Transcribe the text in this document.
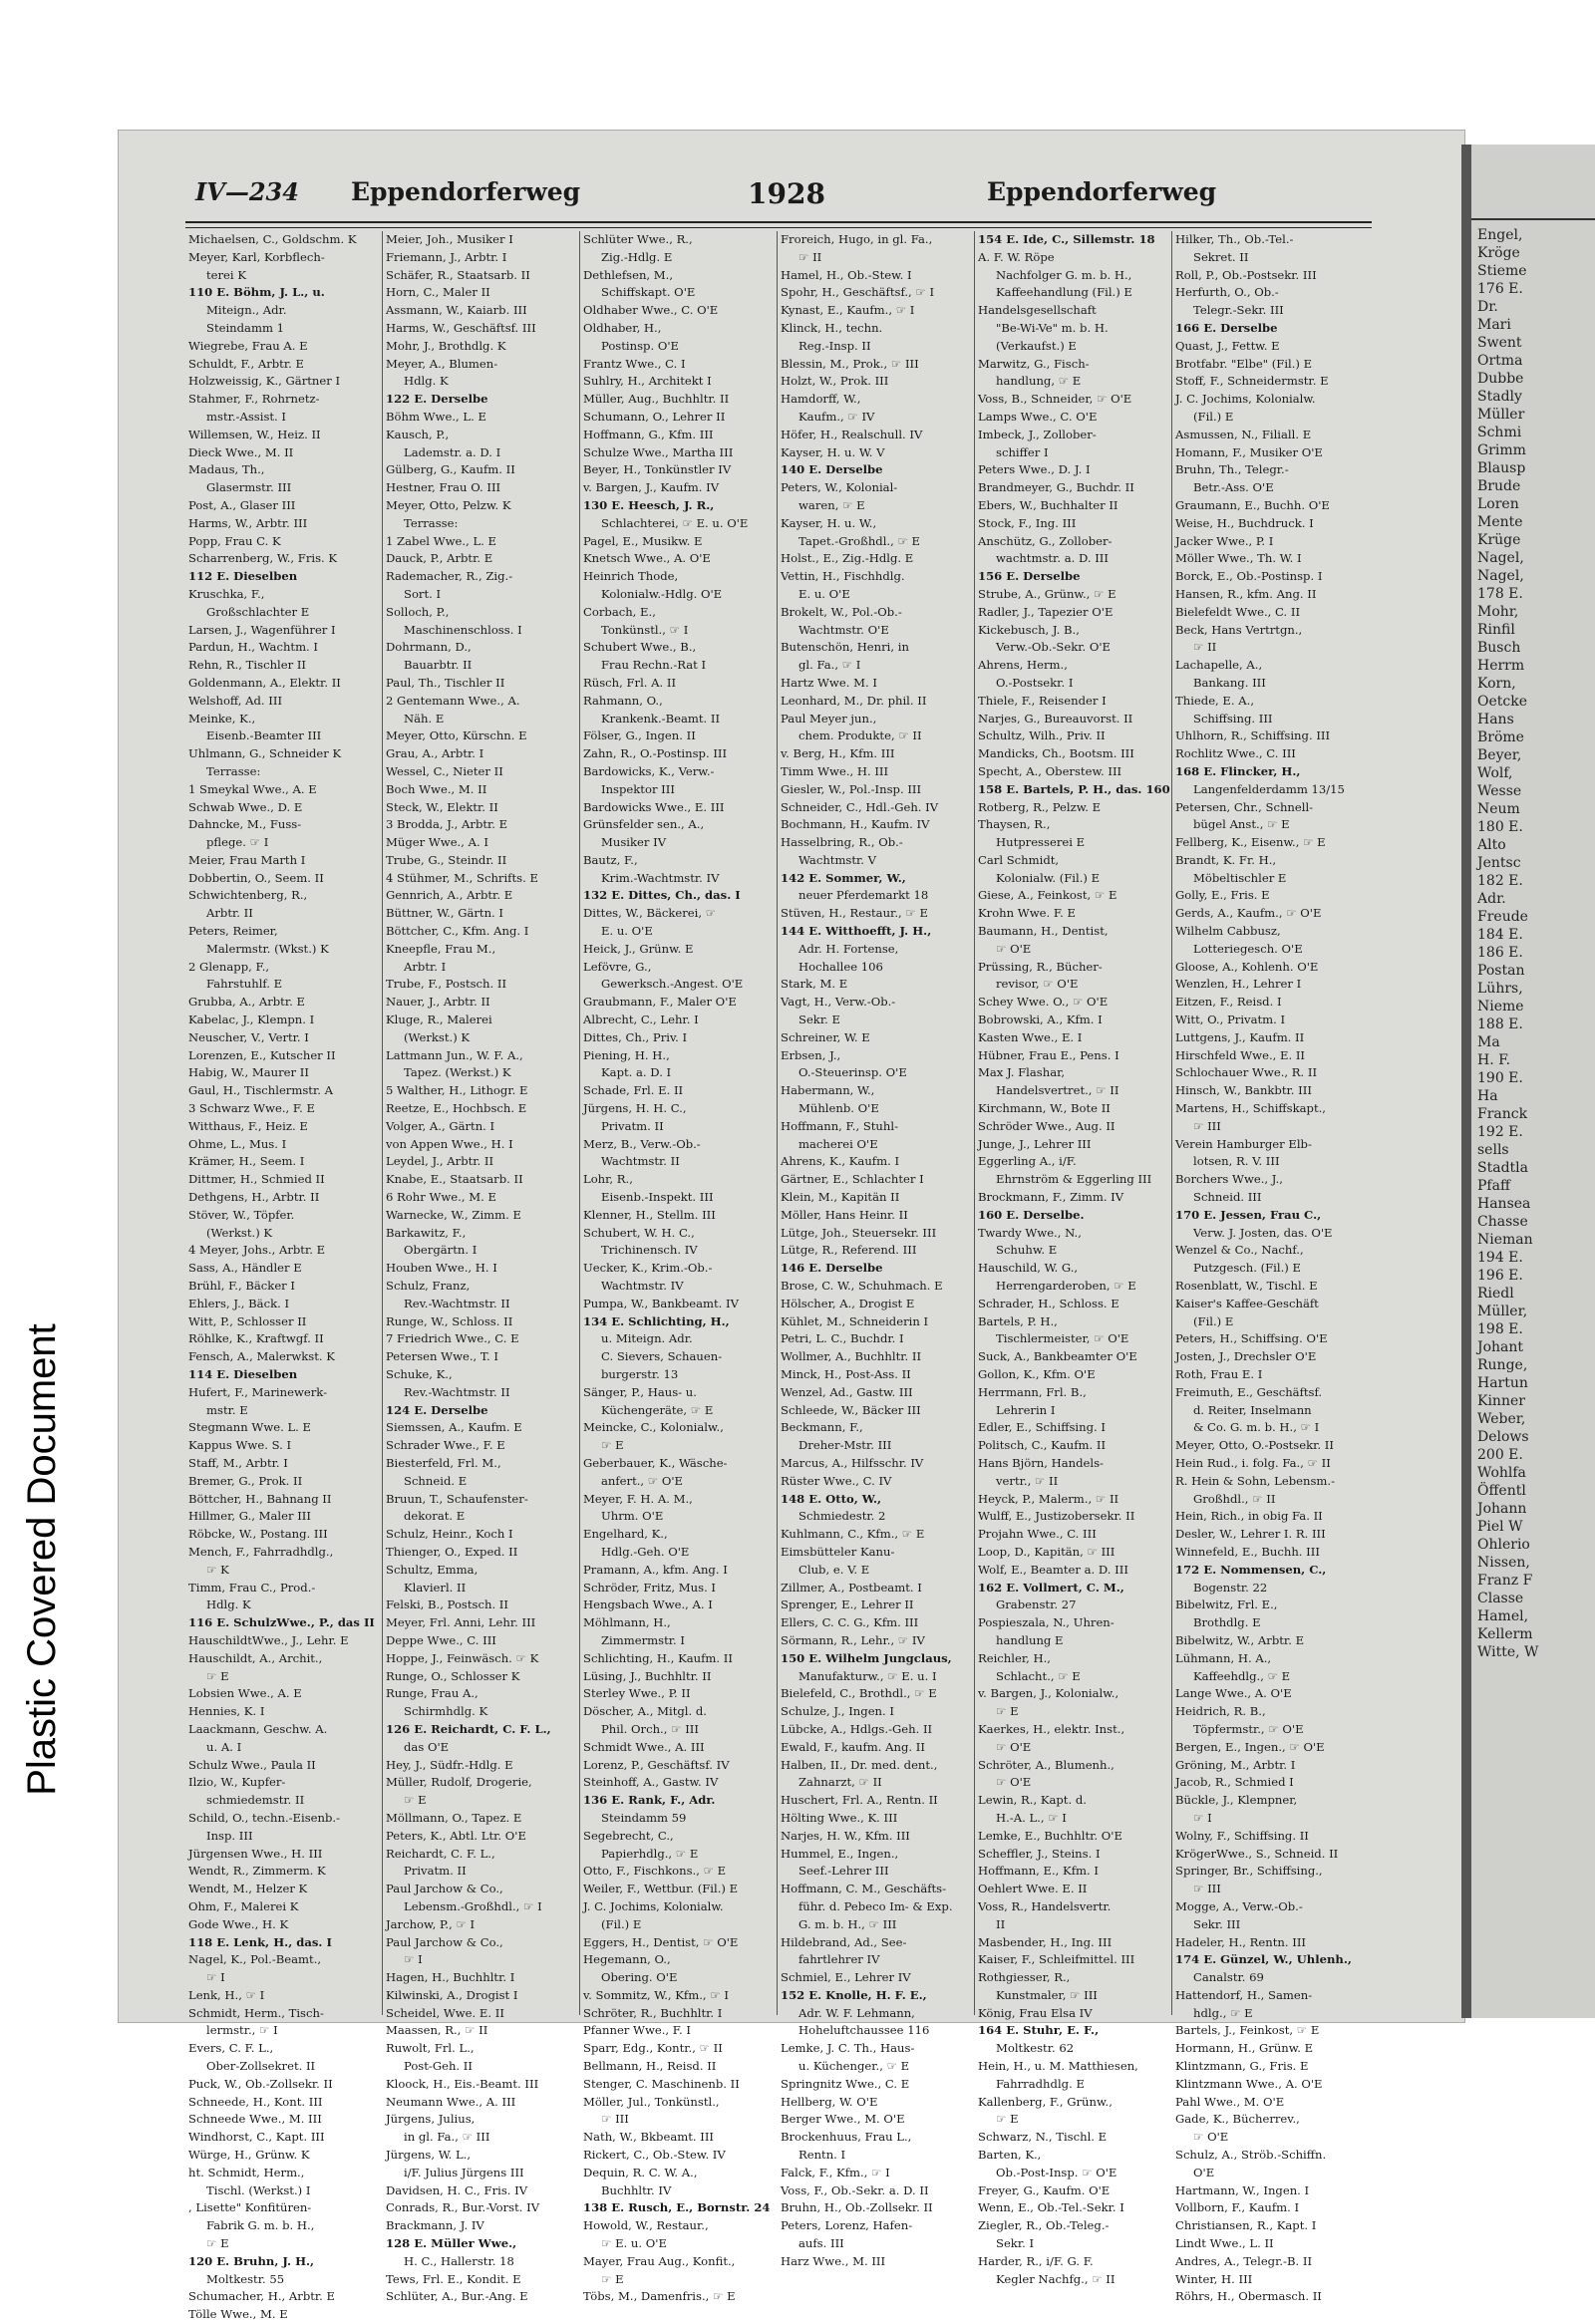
Plastic Covered Document

Engel,
Kröge
Stieme
176 E.
Dr.
Mari
Swent
Ortma
Dubbe
Stadly
Müller
Schmi
Grimm
Blausp
Brude
Loren
Mente
Krüge
Nagel,
Nagel,
178 E.
Mohr,
Rinfil
Busch
Herrm
Korn,
Oetcke
Hans
Bröme
Beyer,
Wolf,
Wesse
Neum
180 E.
Alto
Jentsc
182 E.
Adr.
Freude
184 E.
186 E.
Postan
Lührs,
Nieme
188 E.
Ma
H. F.
190 E.
Ha
Franck
192 E.
sells
Stadtla
Pfaff
Hansea
Chasse
Nieman
194 E.
196 E.
Riedl
Müller,
198 E.
Johant
Runge,
Hartun
Kinner
Weber,
Delows
200 E.
Wohlfa
Öffentl
Johann
Piel W
Ohlerio
Nissen,
Franz F
Classe
Hamel,
Kellerm
Witte, W
IV—234 Eppendorferweg	1928	Eppendorferweg
Michaelsen, C., Goldschm. K
Meyer, Karl, Korbflech-
terei K
110 E. Böhm, J. L., u.
Miteign., Adr.
Steindamm 1
Wiegrebe, Frau A. E
Schuldt, F., Arbtr. E
Holzweissig, K., Gärtner I
Stahmer, F., Rohrnetz-
mstr.-Assist. I
Willemsen, W., Heiz. II
Dieck Wwe., M. II
Madaus, Th.,
Glasermstr. III
Post, A., Glaser III
Harms, W., Arbtr. III
Popp, Frau C. K
Scharrenberg, W., Fris. K
112 E. Dieselben
Kruschka, F.,
Großschlachter E
Larsen, J., Wagenführer I
Pardun, H., Wachtm. I
Rehn, R., Tischler II
Goldenmann, A., Elektr. II
Welshoff, Ad. III
Meinke, K.,
Eisenb.-Beamter III
Uhlmann, G., Schneider K
Terrasse:
1 Smeykal Wwe., A. E
Schwab Wwe., D. E
Dahncke, M., Fuss-
pflege. ☞ I
Meier, Frau Marth I
Dobbertin, O., Seem. II
Schwichtenberg, R.,
Arbtr. II
Peters, Reimer,
Malermstr. (Wkst.) K
2 Glenapp, F.,
Fahrstuhlf. E
Grubba, A., Arbtr. E
Kabelac, J., Klempn. I
Neuscher, V., Vertr. I
Lorenzen, E., Kutscher II
Habig, W., Maurer II
Gaul, H., Tischlermstr. A
3 Schwarz Wwe., F. E
Witthaus, F., Heiz. E
Ohme, L., Mus. I
Krämer, H., Seem. I
Dittmer, H., Schmied II
Dethgens, H., Arbtr. II
Stöver, W., Töpfer.
(Werkst.) K
4 Meyer, Johs., Arbtr. E
Sass, A., Händler E
Brühl, F., Bäcker I
Ehlers, J., Bäck. I
Witt, P., Schlosser II
Röhlke, K., Kraftwgf. II
Fensch, A., Malerwkst. K
114 E. Dieselben
Hufert, F., Marinewerk-
mstr. E
Stegmann Wwe. L. E
Kappus Wwe. S. I
Staff, M., Arbtr. I
Bremer, G., Prok. II
Böttcher, H., Bahnang II
Hillmer, G., Maler III
Röbcke, W., Postang. III
Mench, F., Fahrradhdlg.,
☞ K
Timm, Frau C., Prod.-
Hdlg. K
116 E. SchulzWwe., P., das II
HauschildtWwe., J., Lehr. E
Hauschildt, A., Archit.,
☞ E
Lobsien Wwe., A. E
Hennies, K. I
Laackmann, Geschw. A.
u. A. I
Schulz Wwe., Paula II
Ilzio, W., Kupfer-
schmiedemstr. II
Schild, O., techn.-Eisenb.-
Insp. III
Jürgensen Wwe., H. III
Wendt, R., Zimmerm. K
Wendt, M., Helzer K
Ohm, F., Malerei K
Gode Wwe., H. K
118 E. Lenk, H., das. I
Nagel, K., Pol.-Beamt.,
☞ I
Lenk, H., ☞ I
Schmidt, Herm., Tisch-
lermstr., ☞ I
Evers, C. F. L.,
Ober-Zollsekret. II
Puck, W., Ob.-Zollsekr. II
Schneede, H., Kont. III
Schneede Wwe., M. III
Windhorst, C., Kapt. III
Würge, H., Grünw. K
ht. Schmidt, Herm.,
Tischl. (Werkst.) I
, Lisette" Konfitüren-
Fabrik G. m. b. H.,
☞ E
120 E. Bruhn, J. H.,
Moltkestr. 55
Schumacher, H., Arbtr. E
Tölle Wwe., M. E
Meier, Joh., Musiker I
Friemann, J., Arbtr. I
Schäfer, R., Staatsarb. II
Horn, C., Maler II
Assmann, W., Kaiarb. III
Harms, W., Geschäftsf. III
Mohr, J., Brothdlg. K
Meyer, A., Blumen-
Hdlg. K
122 E. Derselbe
Böhm Wwe., L. E
Kausch, P.,
Lademstr. a. D. I
Gülberg, G., Kaufm. II
Hestner, Frau O. III
Meyer, Otto, Pelzw. K
Terrasse:
1 Zabel Wwe., L. E
Dauck, P., Arbtr. E
Rademacher, R., Zig.-
Sort. I
Solloch, P.,
Maschinenschloss. I
Dohrmann, D.,
Bauarbtr. II
Paul, Th., Tischler II
2 Gentemann Wwe., A.
Näh. E
Meyer, Otto, Kürschn. E
Grau, A., Arbtr. I
Wessel, C., Nieter II
Boch Wwe., M. II
Steck, W., Elektr. II
3 Brodda, J., Arbtr. E
Müger Wwe., A. I
Trube, G., Steindr. II
4 Stühmer, M., Schrifts. E
Gennrich, A., Arbtr. E
Büttner, W., Gärtn. I
Böttcher, C., Kfm. Ang. I
Kneepfle, Frau M.,
Arbtr. I
Trube, F., Postsch. II
Nauer, J., Arbtr. II
Kluge, R., Malerei
(Werkst.) K
Lattmann Jun., W. F. A.,
Tapez. (Werkst.) K
5 Walther, H., Lithogr. E
Reetze, E., Hochbsch. E
Volger, A., Gärtn. I
von Appen Wwe., H. I
Leydel, J., Arbtr. II
Knabe, E., Staatsarb. II
6 Rohr Wwe., M. E
Warnecke, W., Zimm. E
Barkawitz, F.,
Obergärtn. I
Houben Wwe., H. I
Schulz, Franz,
Rev.-Wachtmstr. II
Runge, W., Schloss. II
7 Friedrich Wwe., C. E
Petersen Wwe., T. I
Schuke, K.,
Rev.-Wachtmstr. II
124 E. Derselbe
Siemssen, A., Kaufm. E
Schrader Wwe., F. E
Biesterfeld, Frl. M.,
Schneid. E
Bruun, T., Schaufenster-
dekorat. E
Schulz, Heinr., Koch I
Thienger, O., Exped. II
Schultz, Emma,
Klavierl. II
Felski, B., Postsch. II
Meyer, Frl. Anni, Lehr. III
Deppe Wwe., C. III
Hoppe, J., Feinwäsch. ☞ K
Runge, O., Schlosser K
Runge, Frau A.,
Schirmhdlg. K
126 E. Reichardt, C. F. L.,
das O'E
Hey, J., Südfr.-Hdlg. E
Müller, Rudolf, Drogerie,
☞ E
Möllmann, O., Tapez. E
Peters, K., Abtl. Ltr. O'E
Reichardt, C. F. L.,
Privatm. II
Paul Jarchow & Co.,
Lebensm.-Großhdl., ☞ I
Jarchow, P., ☞ I
Paul Jarchow & Co.,
☞ I
Hagen, H., Buchhltr. I
Kilwinski, A., Drogist I
Scheidel, Wwe. E. II
Maassen, R., ☞ II
Ruwolt, Frl. L.,
Post-Geh. II
Kloock, H., Eis.-Beamt. III
Neumann Wwe., A. III
Jürgens, Julius,
in gl. Fa., ☞ III
Jürgens, W. L.,
i/F. Julius Jürgens III
Davidsen, H. C., Fris. IV
Conrads, R., Bur.-Vorst. IV
Brackmann, J. IV
128 E. Müller Wwe.,
H. C., Hallerstr. 18
Tews, Frl. E., Kondit. E
Schlüter, A., Bur.-Ang. E
Schlüter Wwe., R.,
Zig.-Hdlg. E
Dethlefsen, M.,
Schiffskapt. O'E
Oldhaber Wwe., C. O'E
Oldhaber, H.,
Postinsp. O'E
Frantz Wwe., C. I
Suhlry, H., Architekt I
Müller, Aug., Buchhltr. II
Schumann, O., Lehrer II
Hoffmann, G., Kfm. III
Schulze Wwe., Martha III
Beyer, H., Tonkünstler IV
v. Bargen, J., Kaufm. IV
130 E. Heesch, J. R.,
Schlachterei, ☞ E. u. O'E
Pagel, E., Musikw. E
Knetsch Wwe., A. O'E
Heinrich Thode,
Kolonialw.-Hdlg. O'E
Corbach, E.,
Tonkünstl., ☞ I
Schubert Wwe., B.,
Frau Rechn.-Rat I
Rüsch, Frl. A. II
Rahmann, O.,
Krankenk.-Beamt. II
Fölser, G., Ingen. II
Zahn, R., O.-Postinsp. III
Bardowicks, K., Verw.-
Inspektor III
Bardowicks Wwe., E. III
Grünsfelder sen., A.,
Musiker IV
Bautz, F.,
Krim.-Wachtmstr. IV
132 E. Dittes, Ch., das. I
Dittes, W., Bäckerei, ☞
E. u. O'E
Heick, J., Grünw. E
Lefövre, G.,
Gewerksch.-Angest. O'E
Graubmann, F., Maler O'E
Albrecht, C., Lehr. I
Dittes, Ch., Priv. I
Piening, H. H.,
Kapt. a. D. I
Schade, Frl. E. II
Jürgens, H. H. C.,
Privatm. II
Merz, B., Verw.-Ob.-
Wachtmstr. II
Lohr, R.,
Eisenb.-Inspekt. III
Klenner, H., Stellm. III
Schubert, W. H. C.,
Trichinensch. IV
Uecker, K., Krim.-Ob.-
Wachtmstr. IV
Pumpa, W., Bankbeamt. IV
134 E. Schlichting, H.,
u. Miteign. Adr.
C. Sievers, Schauen-
burgerstr. 13
Sänger, P., Haus- u.
Küchengeräte, ☞ E
Meincke, C., Kolonialw.,
☞ E
Geberbauer, K., Wäsche-
anfert., ☞ O'E
Meyer, F. H. A. M.,
Uhrm. O'E
Engelhard, K.,
Hdlg.-Geh. O'E
Pramann, A., kfm. Ang. I
Schröder, Fritz, Mus. I
Hengsbach Wwe., A. I
Möhlmann, H.,
Zimmermstr. I
Schlichting, H., Kaufm. II
Lüsing, J., Buchhltr. II
Sterley Wwe., P. II
Döscher, A., Mitgl. d.
Phil. Orch., ☞ III
Schmidt Wwe., A. III
Lorenz, P., Geschäftsf. IV
Steinhoff, A., Gastw. IV
136 E. Rank, F., Adr.
Steindamm 59
Segebrecht, C.,
Papierhdlg., ☞ E
Otto, F., Fischkons., ☞ E
Weiler, F., Wettbur. (Fil.) E
J. C. Jochims, Kolonialw.
(Fil.) E
Eggers, H., Dentist, ☞ O'E
Hegemann, O.,
Obering. O'E
v. Sommitz, W., Kfm., ☞ I
Schröter, R., Buchhltr. I
Pfanner Wwe., F. I
Sparr, Edg., Kontr., ☞ II
Bellmann, H., Reisd. II
Stenger, C. Maschinenb. II
Möller, Jul., Tonkünstl.,
☞ III
Nath, W., Bkbeamt. III
Rickert, C., Ob.-Stew. IV
Dequin, R. C. W. A.,
Buchhltr. IV
138 E. Rusch, E., Bornstr. 24
Howold, W., Restaur.,
☞ E. u. O'E
Mayer, Frau Aug., Konfit.,
☞ E
Töbs, M., Damenfris., ☞ E
Froreich, Hugo, in gl. Fa.,
☞ II
Hamel, H., Ob.-Stew. I
Spohr, H., Geschäftsf., ☞ I
Kynast, E., Kaufm., ☞ I
Klinck, H., techn.
Reg.-Insp. II
Blessin, M., Prok., ☞ III
Holzt, W., Prok. III
Hamdorff, W.,
Kaufm., ☞ IV
Höfer, H., Realschull. IV
Kayser, H. u. W. V
140 E. Derselbe
Peters, W., Kolonial-
waren, ☞ E
Kayser, H. u. W.,
Tapet.-Großhdl., ☞ E
Holst., E., Zig.-Hdlg. E
Vettin, H., Fischhdlg.
E. u. O'E
Brokelt, W., Pol.-Ob.-
Wachtmstr. O'E
Butenschön, Henri, in
gl. Fa., ☞ I
Hartz Wwe. M. I
Leonhard, M., Dr. phil. II
Paul Meyer jun.,
chem. Produkte, ☞ II
v. Berg, H., Kfm. III
Timm Wwe., H. III
Giesler, W., Pol.-Insp. III
Schneider, C., Hdl.-Geh. IV
Bochmann, H., Kaufm. IV
Hasselbring, R., Ob.-
Wachtmstr. V
142 E. Sommer, W.,
neuer Pferdemarkt 18
Stüven, H., Restaur., ☞ E
144 E. Witthoefft, J. H.,
Adr. H. Fortense,
Hochallee 106
Stark, M. E
Vagt, H., Verw.-Ob.-
Sekr. E
Schreiner, W. E
Erbsen, J.,
O.-Steuerinsp. O'E
Habermann, W.,
Mühlenb. O'E
Hoffmann, F., Stuhl-
macherei O'E
Ahrens, K., Kaufm. I
Gärtner, E., Schlachter I
Klein, M., Kapitän II
Möller, Hans Heinr. II
Lütge, Joh., Steuersekr. III
Lütge, R., Referend. III
146 E. Derselbe
Brose, C. W., Schuhmach. E
Hölscher, A., Drogist E
Kühlet, M., Schneiderin I
Petri, L. C., Buchdr. I
Wollmer, A., Buchhltr. II
Minck, H., Post-Ass. II
Wenzel, Ad., Gastw. III
Schleede, W., Bäcker III
Beckmann, F.,
Dreher-Mstr. III
Marcus, A., Hilfsschr. IV
Rüster Wwe., C. IV
148 E. Otto, W.,
Schmiedestr. 2
Kuhlmann, C., Kfm., ☞ E
Eimsbütteler Kanu-
Club, e. V. E
Zillmer, A., Postbeamt. I
Sprenger, E., Lehrer II
Ellers, C. C. G., Kfm. III
Sörmann, R., Lehr., ☞ IV
150 E. Wilhelm Jungclaus,
Manufakturw., ☞ E. u. I
Bielefeld, C., Brothdl., ☞ E
Schulze, J., Ingen. I
Lübcke, A., Hdlgs.-Geh. II
Ewald, F., kaufm. Ang. II
Halben, II., Dr. med. dent.,
Zahnarzt, ☞ II
Huschert, Frl. A., Rentn. II
Hölting Wwe., K. III
Narjes, H. W., Kfm. III
Hummel, E., Ingen.,
Seef.-Lehrer III
Hoffmann, C. M., Geschäfts-
führ. d. Pebeco Im- & Exp.
G. m. b. H., ☞ III
Hildebrand, Ad., See-
fahrtlehrer IV
Schmiel, E., Lehrer IV
152 E. Knolle, H. F. E.,
Adr. W. F. Lehmann,
Hoheluftchaussee 116
Lemke, J. C. Th., Haus-
u. Küchenger., ☞ E
Springnitz Wwe., C. E
Hellberg, W. O'E
Berger Wwe., M. O'E
Brockenhuus, Frau L.,
Rentn. I
Falck, F., Kfm., ☞ I
Voss, F., Ob.-Sekr. a. D. II
Bruhn, H., Ob.-Zollsekr. II
Peters, Lorenz, Hafen-
aufs. III
Harz Wwe., M. III
154 E. Ide, C., Sillemstr. 18
A. F. W. Röpe
Nachfolger G. m. b. H.,
Kaffeehandlung (Fil.) E
Handelsgesellschaft
"Be-Wi-Ve" m. b. H.
(Verkaufst.) E
Marwitz, G., Fisch-
handlung, ☞ E
Voss, B., Schneider, ☞ O'E
Lamps Wwe., C. O'E
Imbeck, J., Zollober-
schiffer I
Peters Wwe., D. J. I
Brandmeyer, G., Buchdr. II
Ebers, W., Buchhalter II
Stock, F., Ing. III
Anschütz, G., Zollober-
wachtmstr. a. D. III
156 E. Derselbe
Strube, A., Grünw., ☞ E
Radler, J., Tapezier O'E
Kickebusch, J. B.,
Verw.-Ob.-Sekr. O'E
Ahrens, Herm.,
O.-Postsekr. I
Thiele, F., Reisender I
Narjes, G., Bureauvorst. II
Schultz, Wilh., Priv. II
Mandicks, Ch., Bootsm. III
Specht, A., Oberstew. III
158 E. Bartels, P. H., das. 160
Rotberg, R., Pelzw. E
Thaysen, R.,
Hutpresserei E
Carl Schmidt,
Kolonialw. (Fil.) E
Giese, A., Feinkost, ☞ E
Krohn Wwe. F. E
Baumann, H., Dentist,
☞ O'E
Prüssing, R., Bücher-
revisor, ☞ O'E
Schey Wwe. O., ☞ O'E
Bobrowski, A., Kfm. I
Kasten Wwe., E. I
Hübner, Frau E., Pens. I
Max J. Flashar,
Handelsvertret., ☞ II
Kirchmann, W., Bote II
Schröder Wwe., Aug. II
Junge, J., Lehrer III
Eggerling A., i/F.
Ehrnström & Eggerling III
Brockmann, F., Zimm. IV
160 E. Derselbe.
Twardy Wwe., N.,
Schuhw. E
Hauschild, W. G.,
Herrengarderoben, ☞ E
Schrader, H., Schloss. E
Bartels, P. H.,
Tischlermeister, ☞ O'E
Suck, A., Bankbeamter O'E
Gollon, K., Kfm. O'E
Herrmann, Frl. B.,
Lehrerin I
Edler, E., Schiffsing. I
Politsch, C., Kaufm. II
Hans Björn, Handels-
vertr., ☞ II
Heyck, P., Malerm., ☞ II
Wulff, E., Justizobersekr. II
Projahn Wwe., C. III
Loop, D., Kapitän, ☞ III
Wolf, E., Beamter a. D. III
162 E. Vollmert, C. M.,
Grabenstr. 27
Pospieszala, N., Uhren-
handlung E
Reichler, H.,
Schlacht., ☞ E
v. Bargen, J., Kolonialw.,
☞ E
Kaerkes, H., elektr. Inst.,
☞ O'E
Schröter, A., Blumenh.,
☞ O'E
Lewin, R., Kapt. d.
H.-A. L., ☞ I
Lemke, E., Buchhltr. O'E
Scheffler, J., Steins. I
Hoffmann, E., Kfm. I
Oehlert Wwe. E. II
Voss, R., Handelsvertr.
II
Masbender, H., Ing. III
Kaiser, F., Schleifmittel. III
Rothgiesser, R.,
Kunstmaler, ☞ III
König, Frau Elsa IV
164 E. Stuhr, E. F.,
Moltkestr. 62
Hein, H., u. M. Matthiesen,
Fahrradhdlg. E
Kallenberg, F., Grünw.,
☞ E
Schwarz, N., Tischl. E
Barten, K.,
Ob.-Post-Insp. ☞ O'E
Freyer, G., Kaufm. O'E
Wenn, E., Ob.-Tel.-Sekr. I
Ziegler, R., Ob.-Teleg.-
Sekr. I
Harder, R., i/F. G. F.
Kegler Nachfg., ☞ II
Hilker, Th., Ob.-Tel.-
Sekret. II
Roll, P., Ob.-Postsekr. III
Herfurth, O., Ob.-
Telegr.-Sekr. III
166 E. Derselbe
Quast, J., Fettw. E
Brotfabr. "Elbe" (Fil.) E
Stoff, F., Schneidermstr. E
J. C. Jochims, Kolonialw.
(Fil.) E
Asmussen, N., Filiall. E
Homann, F., Musiker O'E
Bruhn, Th., Telegr.-
Betr.-Ass. O'E
Graumann, E., Buchh. O'E
Weise, H., Buchdruck. I
Jacker Wwe., P. I
Möller Wwe., Th. W. I
Borck, E., Ob.-Postinsp. I
Hansen, R., kfm. Ang. II
Bielefeldt Wwe., C. II
Beck, Hans Vertrtgn.,
☞ II
Lachapelle, A.,
Bankang. III
Thiede, E. A.,
Schiffsing. III
Uhlhorn, R., Schiffsing. III
Rochlitz Wwe., C. III
168 E. Flincker, H.,
Langenfelderdamm 13/15
Petersen, Chr., Schnell-
bügel Anst., ☞ E
Fellberg, K., Eisenw., ☞ E
Brandt, K. Fr. H.,
Möbeltischler E
Golly, E., Fris. E
Gerds, A., Kaufm., ☞ O'E
Wilhelm Cabbusz,
Lotteriegesch. O'E
Gloose, A., Kohlenh. O'E
Wenzlen, H., Lehrer I
Eitzen, F., Reisd. I
Witt, O., Privatm. I
Luttgens, J., Kaufm. II
Hirschfeld Wwe., E. II
Schlochauer Wwe., R. II
Hinsch, W., Bankbtr. III
Martens, H., Schiffskapt.,
☞ III
Verein Hamburger Elb-
lotsen, R. V. III
Borchers Wwe., J.,
Schneid. III
170 E. Jessen, Frau C.,
Verw. J. Josten, das. O'E
Wenzel & Co., Nachf.,
Putzgesch. (Fil.) E
Rosenblatt, W., Tischl. E
Kaiser's Kaffee-Geschäft
(Fil.) E
Peters, H., Schiffsing. O'E
Josten, J., Drechsler O'E
Roth, Frau E. I
Freimuth, E., Geschäftsf.
d. Reiter, Inselmann
& Co. G. m. b. H., ☞ I
Meyer, Otto, O.-Postsekr. II
Hein Rud., i. folg. Fa., ☞ II
R. Hein & Sohn, Lebensm.-
Großhdl., ☞ II
Hein, Rich., in obig Fa. II
Desler, W., Lehrer I. R. III
Winnefeld, E., Buchh. III
172 E. Nommensen, C.,
Bogenstr. 22
Bibelwitz, Frl. E.,
Brothdlg. E
Bibelwitz, W., Arbtr. E
Lühmann, H. A.,
Kaffeehdlg., ☞ E
Lange Wwe., A. O'E
Heidrich, R. B.,
Töpfermstr., ☞ O'E
Bergen, E., Ingen., ☞ O'E
Gröning, M., Arbtr. I
Jacob, R., Schmied I
Bückle, J., Klempner,
☞ I
Wolny, F., Schiffsing. II
KrögerWwe., S., Schneid. II
Springer, Br., Schiffsing.,
☞ III
Mogge, A., Verw.-Ob.-
Sekr. III
Hadeler, H., Rentn. III
174 E. Günzel, W., Uhlenh.,
Canalstr. 69
Hattendorf, H., Samen-
hdlg., ☞ E
Bartels, J., Feinkost, ☞ E
Hormann, H., Grünw. E
Klintzmann, G., Fris. E
Klintzmann Wwe., A. O'E
Pahl Wwe., M. O'E
Gade, K., Bücherrev.,
☞ O'E
Schulz, A., Ströb.-Schiffn.
O'E
Hartmann, W., Ingen. I
Vollborn, F., Kaufm. I
Christiansen, R., Kapt. I
Lindt Wwe., L. II
Andres, A., Telegr.-B. II
Winter, H. III
Röhrs, H., Obermasch. II
